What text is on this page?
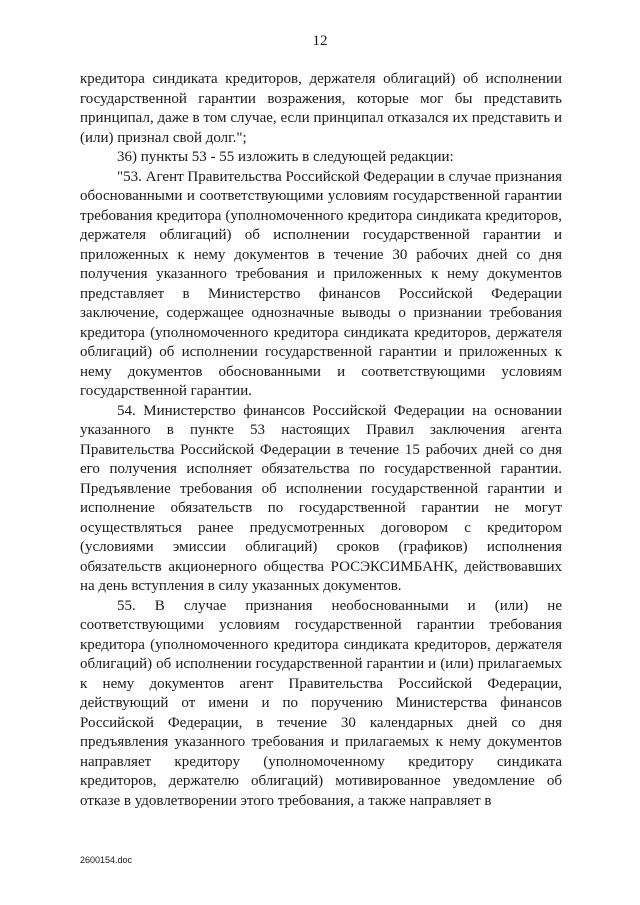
12

кредитора синдиката кредиторов, держателя облигаций) об исполнении государственной гарантии возражения, которые мог бы представить принципал, даже в том случае, если принципал отказался их представить и (или) признал свой долг.";

36) пункты 53 - 55 изложить в следующей редакции:

"53. Агент Правительства Российской Федерации в случае признания обоснованными и соответствующими условиям государственной гарантии требования кредитора (уполномоченного кредитора синдиката кредиторов, держателя облигаций) об исполнении государственной гарантии и приложенных к нему документов в течение 30 рабочих дней со дня получения указанного требования и приложенных к нему документов представляет в Министерство финансов Российской Федерации заключение, содержащее однозначные выводы о признании требования кредитора (уполномоченного кредитора синдиката кредиторов, держателя облигаций) об исполнении государственной гарантии и приложенных к нему документов обоснованными и соответствующими условиям государственной гарантии.

54. Министерство финансов Российской Федерации на основании указанного в пункте 53 настоящих Правил заключения агента Правительства Российской Федерации в течение 15 рабочих дней со дня его получения исполняет обязательства по государственной гарантии. Предъявление требования об исполнении государственной гарантии и исполнение обязательств по государственной гарантии не могут осуществляться ранее предусмотренных договором с кредитором (условиями эмиссии облигаций) сроков (графиков) исполнения обязательств акционерного общества РОСЭКСИМБАНК, действовавших на день вступления в силу указанных документов.

55. В случае признания необоснованными и (или) не соответствующими условиям государственной гарантии требования кредитора (уполномоченного кредитора синдиката кредиторов, держателя облигаций) об исполнении государственной гарантии и (или) прилагаемых к нему документов агент Правительства Российской Федерации, действующий от имени и по поручению Министерства финансов Российской Федерации, в течение 30 календарных дней со дня предъявления указанного требования и прилагаемых к нему документов направляет кредитору (уполномоченному кредитору синдиката кредиторов, держателю облигаций) мотивированное уведомление об отказе в удовлетворении этого требования, а также направляет в

2600154.doc
